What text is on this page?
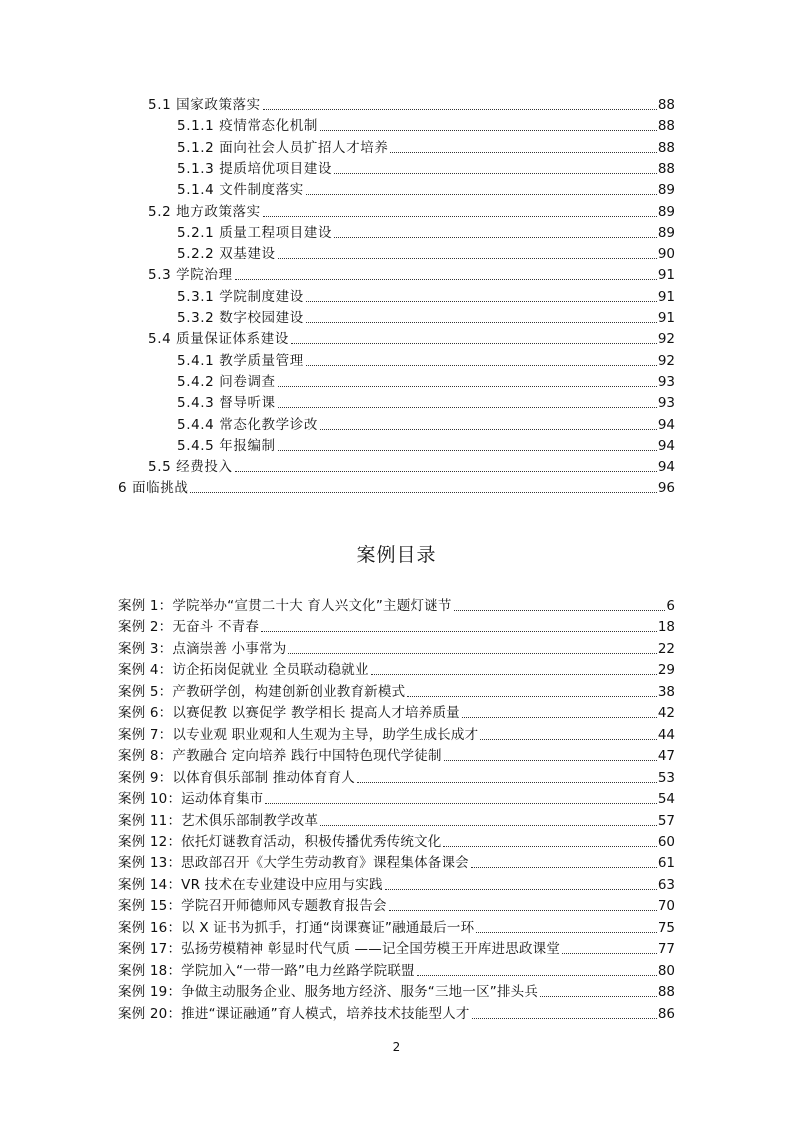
5.1 国家政策落实	88
5.1.1 疫情常态化机制	88
5.1.2 面向社会人员扩招人才培养	88
5.1.3 提质培优项目建设	88
5.1.4 文件制度落实	89
5.2 地方政策落实	89
5.2.1 质量工程项目建设	89
5.2.2 双基建设	90
5.3 学院治理	91
5.3.1 学院制度建设	91
5.3.2 数字校园建设	91
5.4 质量保证体系建设	92
5.4.1 教学质量管理	92
5.4.2 问卷调查	93
5.4.3 督导听课	93
5.4.4 常态化教学诊改	94
5.4.5 年报编制	94
5.5 经费投入	94
6 面临挑战	96
案例目录
案例 1：学院举办“宣贯二十大 育人兴文化”主题灯谜节	6
案例 2：无奋斗 不青春	18
案例 3：点滴崇善 小事常为	22
案例 4：访企拓岗促就业 全员联动稳就业	29
案例 5：产教研学创，构建创新创业教育新模式	38
案例 6：以赛促教 以赛促学 教学相长 提高人才培养质量	42
案例 7：以专业观 职业观和人生观为主导，助学生成长成才	44
案例 8：产教融合 定向培养 践行中国特色现代学徒制	47
案例 9：以体育俱乐部制 推动体育育人	53
案例 10：运动体育集市	54
案例 11：艺术俱乐部制教学改革	57
案例 12：依托灯谜教育活动，积极传播优秀传统文化	60
案例 13：思政部召开《大学生劳动教育》课程集体备课会	61
案例 14：VR 技术在专业建设中应用与实践	63
案例 15：学院召开师德师风专题教育报告会	70
案例 16：以 X 证书为抓手，打通“岗课赛证”融通最后一环	75
案例 17：弘扬劳模精神 彰显时代气质 ——记全国劳模王开库进思政课堂	77
案例 18：学院加入“一带一路”电力丝路学院联盟	80
案例 19：争做主动服务企业、服务地方经济、服务“三地一区”排头兵	88
案例 20：推进“课证融通”育人模式，培养技术技能型人才	86
2
